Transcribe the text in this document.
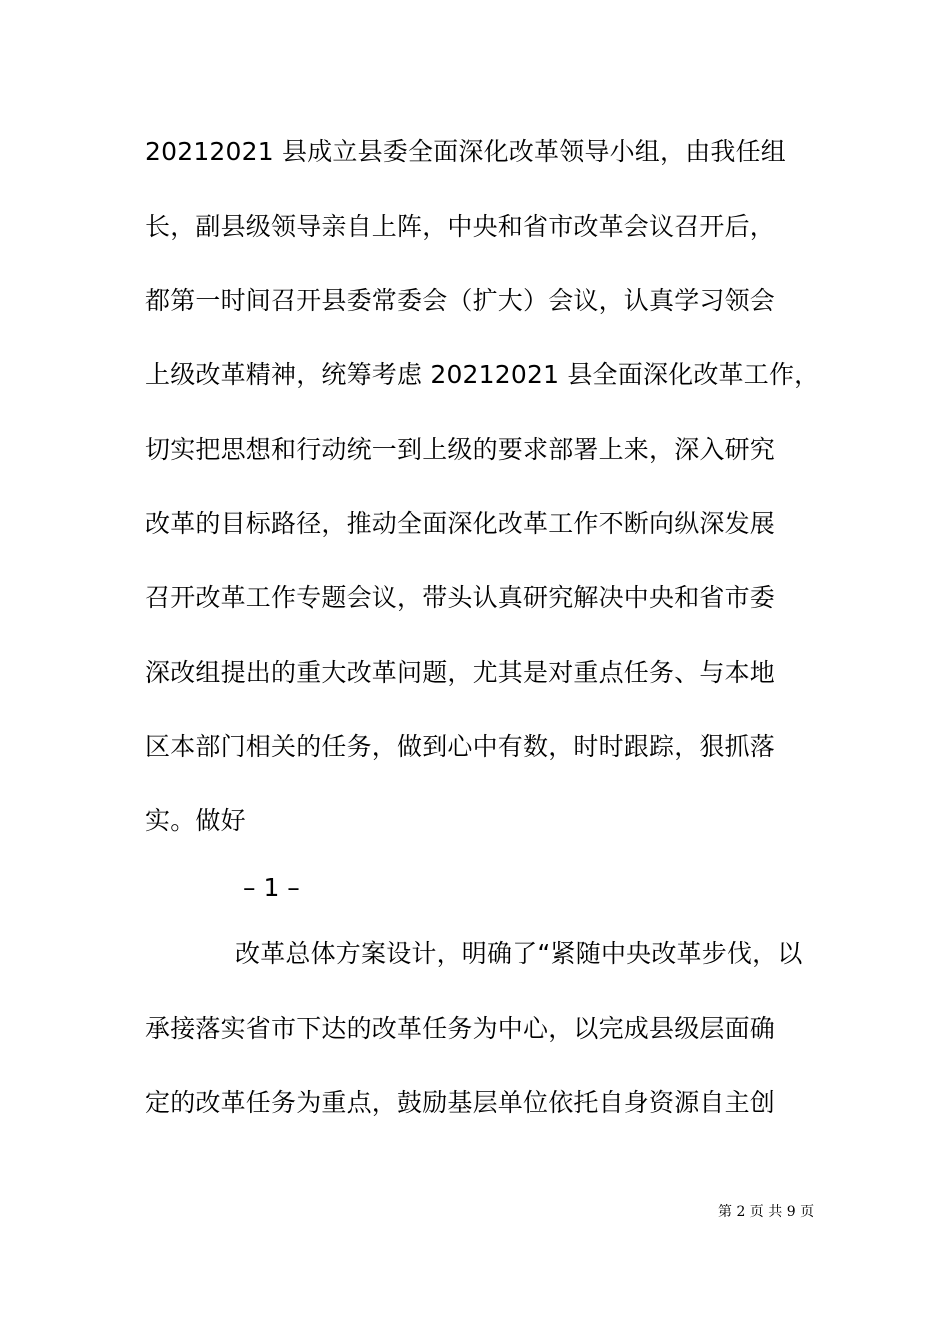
20212021 县成立县委全面深化改革领导小组，由我任组
长，副县级领导亲自上阵，中央和省市改革会议召开后，
都第一时间召开县委常委会（扩大）会议，认真学习领会
上级改革精神，统筹考虑 20212021 县全面深化改革工作，
切实把思想和行动统一到上级的要求部署上来，深入研究
改革的目标路径，推动全面深化改革工作不断向纵深发展
召开改革工作专题会议，带头认真研究解决中央和省市委
深改组提出的重大改革问题，尤其是对重点任务、与本地
区本部门相关的任务，做到心中有数，时时跟踪，狠抓落
实。做好
– 1 –
改革总体方案设计，明确了“紧随中央改革步伐，以
承接落实省市下达的改革任务为中心，以完成县级层面确
定的改革任务为重点，鼓励基层单位依托自身资源自主创
第 2 页 共 9 页
